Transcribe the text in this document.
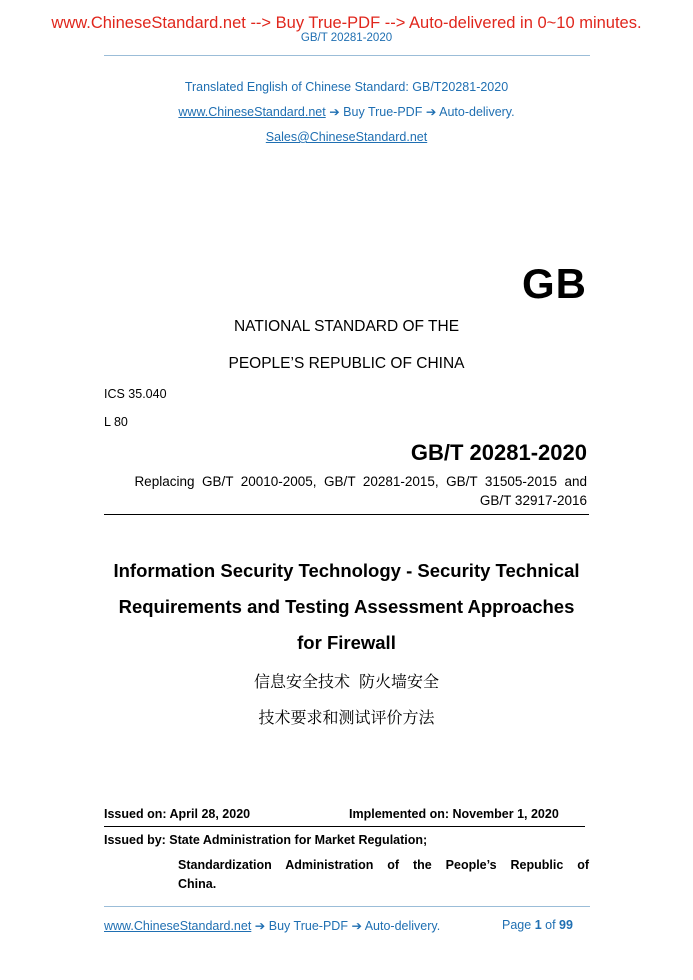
www.ChineseStandard.net --> Buy True-PDF --> Auto-delivered in 0~10 minutes.
GB/T 20281-2020
Translated English of Chinese Standard: GB/T20281-2020
www.ChineseStandard.net ➔ Buy True-PDF ➔ Auto-delivery.
Sales@ChineseStandard.net
GB
NATIONAL STANDARD OF THE
PEOPLE’S REPUBLIC OF CHINA
ICS 35.040
L 80
GB/T 20281-2020
Replacing  GB/T  20010-2005,  GB/T  20281-2015,  GB/T  31505-2015  and
GB/T 32917-2016
Information Security Technology - Security Technical
Requirements and Testing Assessment Approaches
for Firewall
信息安全技术  防火墙安全
技术要求和测试评价方法
Issued on: April 28, 2020	Implemented on: November 1, 2020
Issued by: State Administration for Market Regulation;
Standardization  Administration  of  the  People’s  Republic  of
China.
www.ChineseStandard.net ➔ Buy True-PDF ➔ Auto-delivery.	Page 1 of 99
